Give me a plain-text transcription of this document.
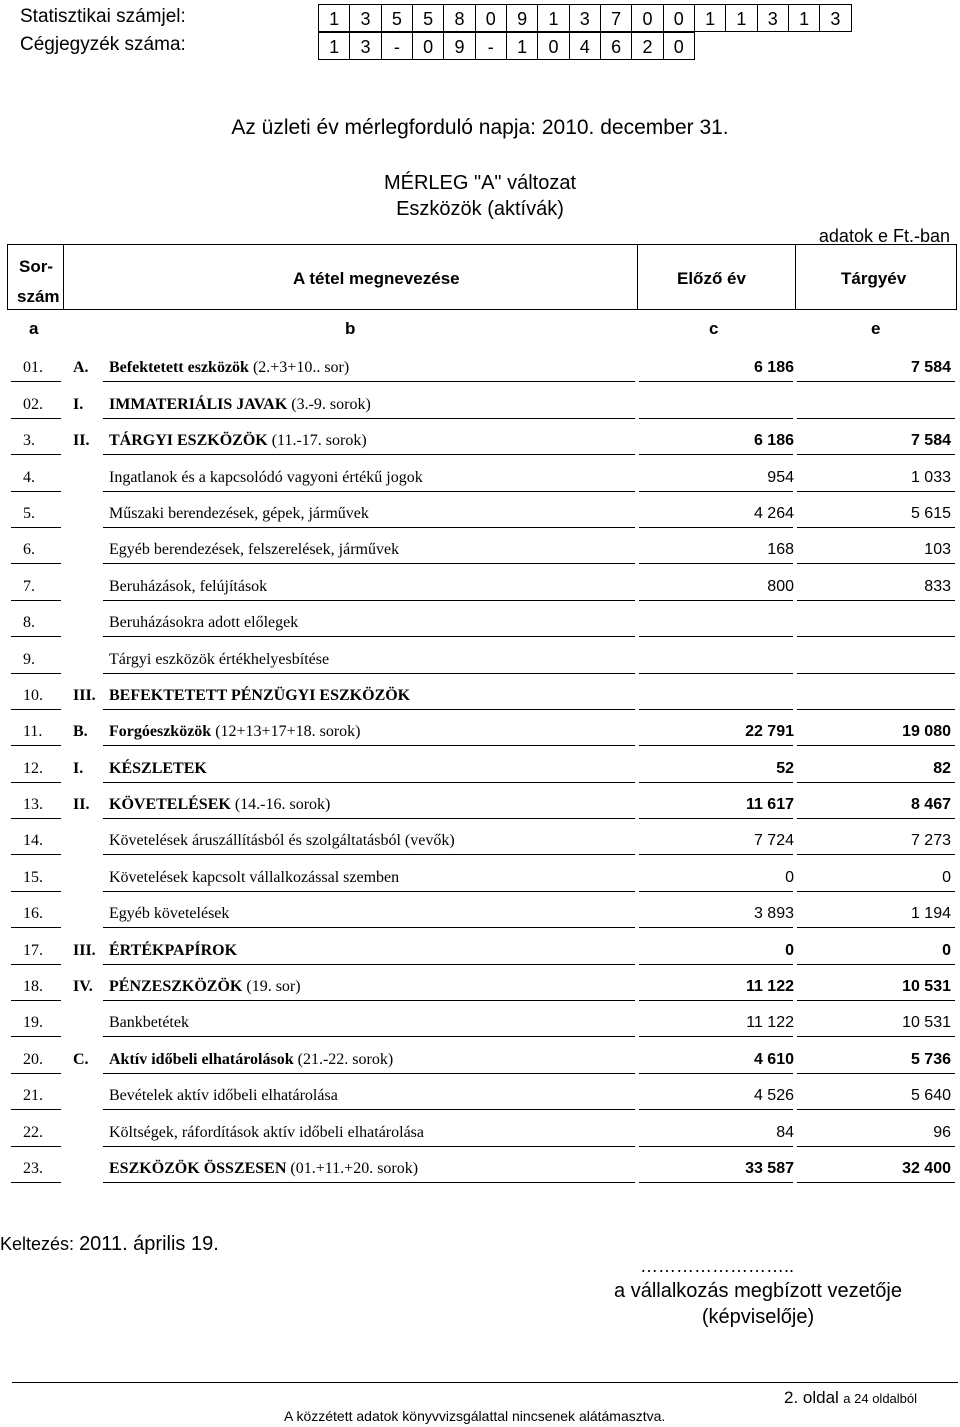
Statisztikai számjel:	1	3	5	5	8	0	9	1	3	7	0	0	1	1	3	1	3
Cégjegyzék száma:	1	3	-	0	9	-	1	0	4	6	2	0
Az üzleti év mérlegforduló napja: 2010. december 31.
MÉRLEG "A" változat
Eszközök (aktívák)
adatok e Ft.-ban
Sor-
szám
A tétel megnevezése	Előző év	Tárgyév
a	b	c	e
01. A. Befektetett eszközök (2.+3+10.. sor)	6 186	7 584
02. I. IMMATERIÁLIS JAVAK (3.-9. sorok)
3. II. TÁRGYI ESZKÖZÖK (11.-17. sorok)	6 186	7 584
4.	Ingatlanok és a kapcsolódó vagyoni értékű jogok	954	1 033
5.	Műszaki berendezések, gépek, járművek	4 264	5 615
6.	Egyéb berendezések, felszerelések, járművek	168	103
7.	Beruházások, felújítások	800	833
8.	Beruházásokra adott előlegek
9.	Tárgyi eszközök értékhelyesbítése
10. III. BEFEKTETETT PÉNZÜGYI ESZKÖZÖK
11. B. Forgóeszközök (12+13+17+18. sorok)	22 791	19 080
12. I. KÉSZLETEK	52	82
13. II. KÖVETELÉSEK (14.-16. sorok)	11 617	8 467
14.	Követelések áruszállításból és szolgáltatásból (vevők)	7 724	7 273
15.	Követelések kapcsolt vállalkozással szemben	0	0
16.	Egyéb követelések	3 893	1 194
17. III. ÉRTÉKPAPÍROK	0	0
18. IV. PÉNZESZKÖZÖK (19. sor)	11 122	10 531
19.	Bankbetétek	11 122	10 531
20. C. Aktív időbeli elhatárolások (21.-22. sorok)	4 610	5 736
21.	Bevételek aktív időbeli elhatárolása	4 526	5 640
22.	Költségek, ráfordítások aktív időbeli elhatárolása	84	96
23.	ESZKÖZÖK ÖSSZESEN (01.+11.+20. sorok)	33 587	32 400
Keltezés: 2011. április 19.
……………………..
a vállalkozás megbízott vezetője
(képviselője)
2. oldal a 24 oldalból
A közzétett adatok könyvvizsgálattal nincsenek alátámasztva.
